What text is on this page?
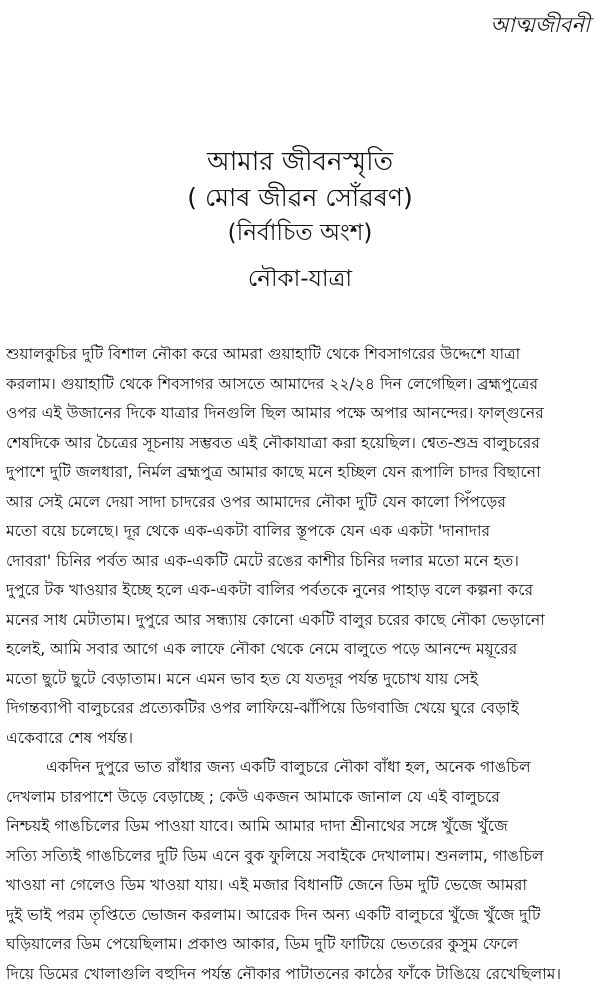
আত্মজীবনী
আমার জীবনস্মৃতি
( মোৰ জীৱন সোঁৱৰণ)
(নির্বাচিত অংশ)
নৌকা-যাত্রা
শুয়ালকুচির দুটি বিশাল নৌকা করে আমরা গুয়াহাটি থেকে শিবসাগরের উদ্দেশে যাত্রা
করলাম। গুয়াহাটি থেকে শিবসাগর আসতে আমাদের ২২/২৪ দিন লেগেছিল। ব্রহ্মপুত্রের
ওপর এই উজানের দিকে যাত্রার দিনগুলি ছিল আমার পক্ষে অপার আনন্দের। ফাল্গুনের
শেষদিকে আর চৈত্রের সূচনায় সম্ভবত এই নৌকাযাত্রা করা হয়েছিল। শ্বেত-শুভ্র বালুচরের
দুপাশে দুটি জলধারা, নির্মল ব্রহ্মপুত্র আমার কাছে মনে হচ্ছিল যেন রূপালি চাদর বিছানো
আর সেই মেলে দেয়া সাদা চাদরের ওপর আমাদের নৌকা দুটি যেন কালো পিঁপড়ের
মতো বয়ে চলেছে। দূর থেকে এক-একটা বালির স্তূপকে যেন এক একটা 'দানাদার
দোবরা' চিনির পর্বত আর এক-একটি মেটে রঙের কাশীর চিনির দলার মতো মনে হত।
দুপুরে টক খাওয়ার ইচ্ছে হলে এক-একটা বালির পর্বতকে নুনের পাহাড় বলে কল্পনা করে
মনের সাধ মেটাতাম। দুপুরে আর সন্ধ্যায় কোনো একটি বালুর চরের কাছে নৌকা ভেড়ানো
হলেই, আমি সবার আগে এক লাফে নৌকা থেকে নেমে বালুতে পড়ে আনন্দে ময়ূরের
মতো ছুটে ছুটে বেড়াতাম। মনে এমন ভাব হত যে যতদূর পর্যন্ত দুচোখ যায় সেই
দিগন্তব্যাপী বালুচরের প্রত্যেকটির ওপর লাফিয়ে-ঝাঁপিয়ে ডিগবাজি খেয়ে ঘুরে বেড়াই
একেবারে শেষ পর্যন্ত।
একদিন দুপুরে ভাত রাঁধার জন্য একটি বালুচরে নৌকা বাঁধা হল, অনেক গাঙচিল
দেখলাম চারপাশে উড়ে বেড়াচ্ছে ; কেউ একজন আমাকে জানাল যে এই বালুচরে
নিশ্চয়ই গাঙচিলের ডিম পাওয়া যাবে। আমি আমার দাদা শ্রীনাথের সঙ্গে খুঁজে খুঁজে
সত্যি সত্যিই গাঙচিলের দুটি ডিম এনে বুক ফুলিয়ে সবাইকে দেখালাম। শুনলাম, গাঙচিল
খাওয়া না গেলেও ডিম খাওয়া যায়। এই মজার বিধানটি জেনে ডিম দুটি ভেজে আমরা
দুই ভাই পরম তৃপ্তিতে ভোজন করলাম। আরেক দিন অন্য একটি বালুচরে খুঁজে খুঁজে দুটি
ঘড়িয়ালের ডিম পেয়েছিলাম। প্রকাণ্ড আকার, ডিম দুটি ফাটিয়ে ভেতরের কুসুম ফেলে
দিয়ে ডিমের খোলাগুলি বহুদিন পর্যন্ত নৌকার পাটাতনের কাঠের ফাঁকে টাঙিয়ে রেখেছিলাম।
